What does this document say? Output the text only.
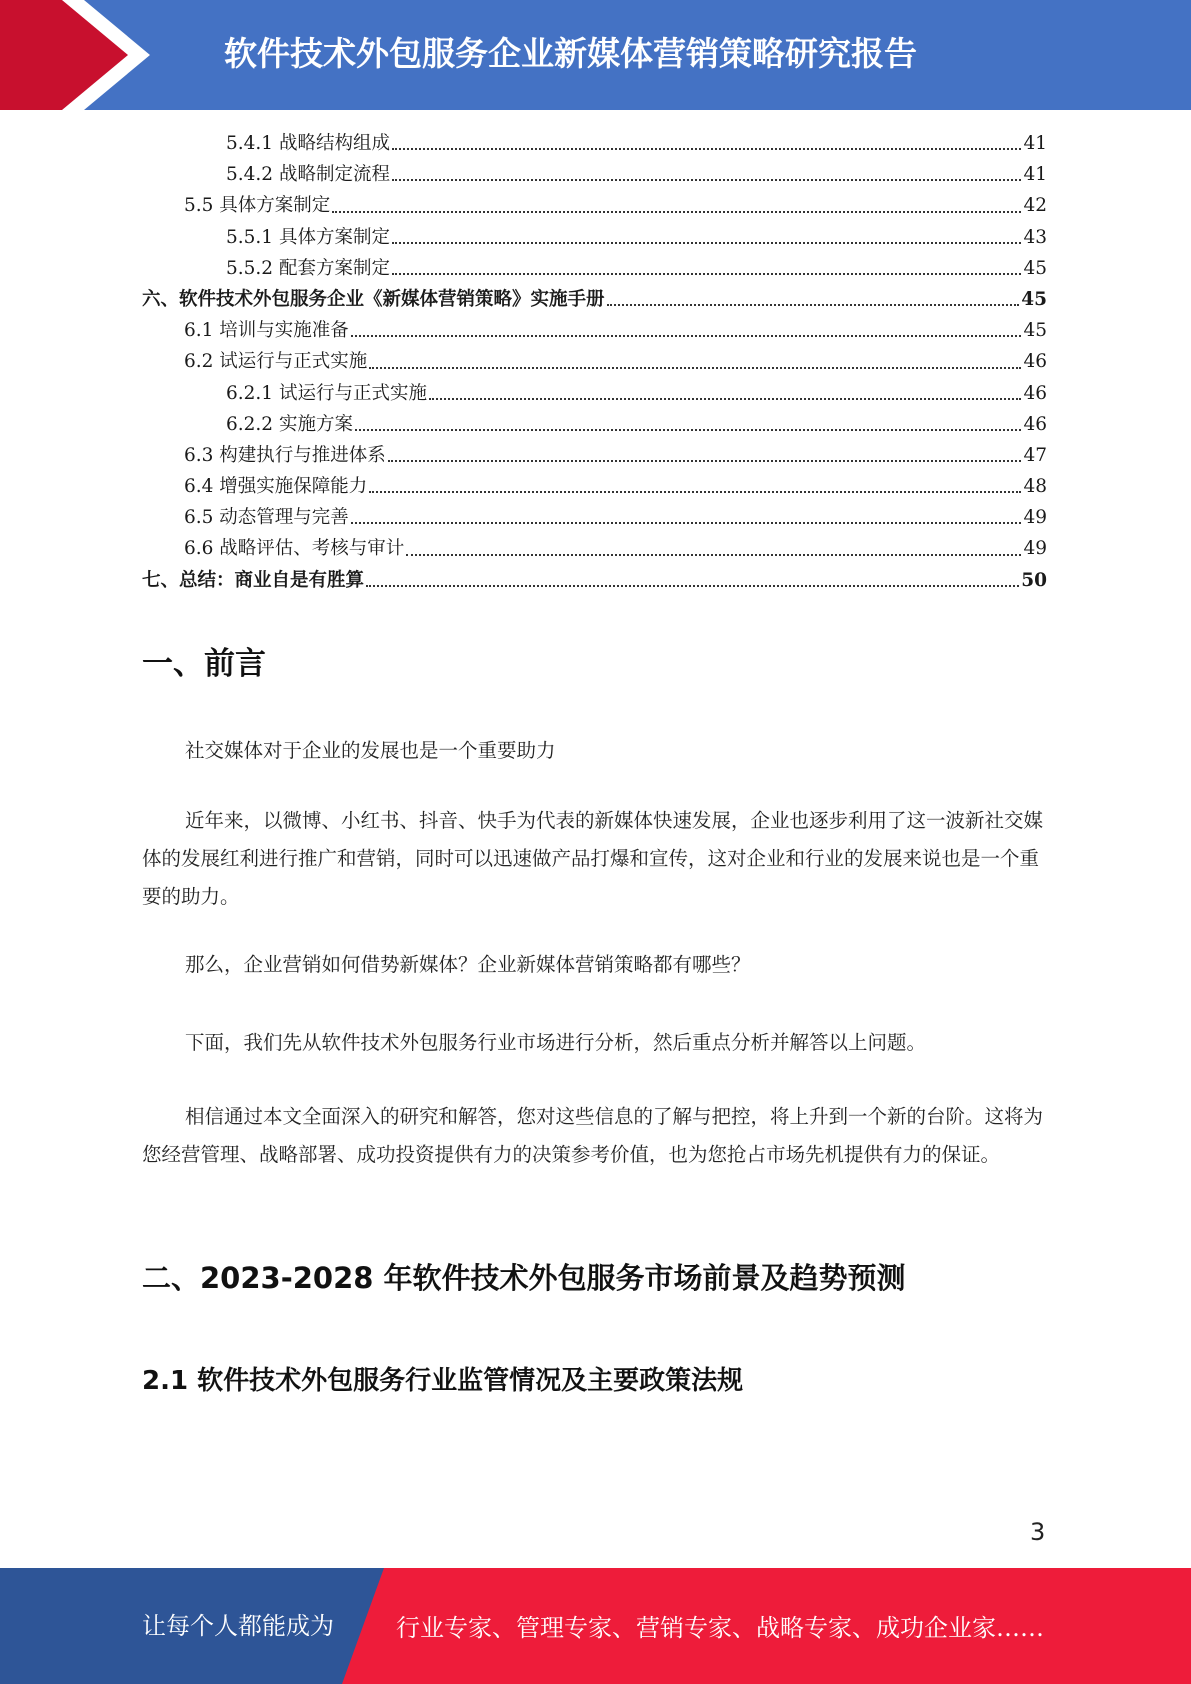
软件技术外包服务企业新媒体营销策略研究报告
5.4.1 战略结构组成	41
5.4.2 战略制定流程	41
5.5 具体方案制定	42
5.5.1 具体方案制定	43
5.5.2 配套方案制定	45
六、软件技术外包服务企业《新媒体营销策略》实施手册	45
6.1 培训与实施准备	45
6.2 试运行与正式实施	46
6.2.1 试运行与正式实施	46
6.2.2 实施方案	46
6.3 构建执行与推进体系	47
6.4 增强实施保障能力	48
6.5 动态管理与完善	49
6.6 战略评估、考核与审计	49
七、总结：商业自是有胜算	50
一、前言

社交媒体对于企业的发展也是一个重要助力

近年来，以微博、小红书、抖音、快手为代表的新媒体快速发展，企业也逐步利用了这一波新社交媒体的发展红利进行推广和营销，同时可以迅速做产品打爆和宣传，这对企业和行业的发展来说也是一个重要的助力。

那么，企业营销如何借势新媒体？企业新媒体营销策略都有哪些？

下面，我们先从软件技术外包服务行业市场进行分析，然后重点分析并解答以上问题。

相信通过本文全面深入的研究和解答，您对这些信息的了解与把控，将上升到一个新的台阶。这将为您经营管理、战略部署、成功投资提供有力的决策参考价值，也为您抢占市场先机提供有力的保证。

二、2023-2028 年软件技术外包服务市场前景及趋势预测
2.1 软件技术外包服务行业监管情况及主要政策法规
3
让每个人都能成为	行业专家、管理专家、营销专家、战略专家、成功企业家……
